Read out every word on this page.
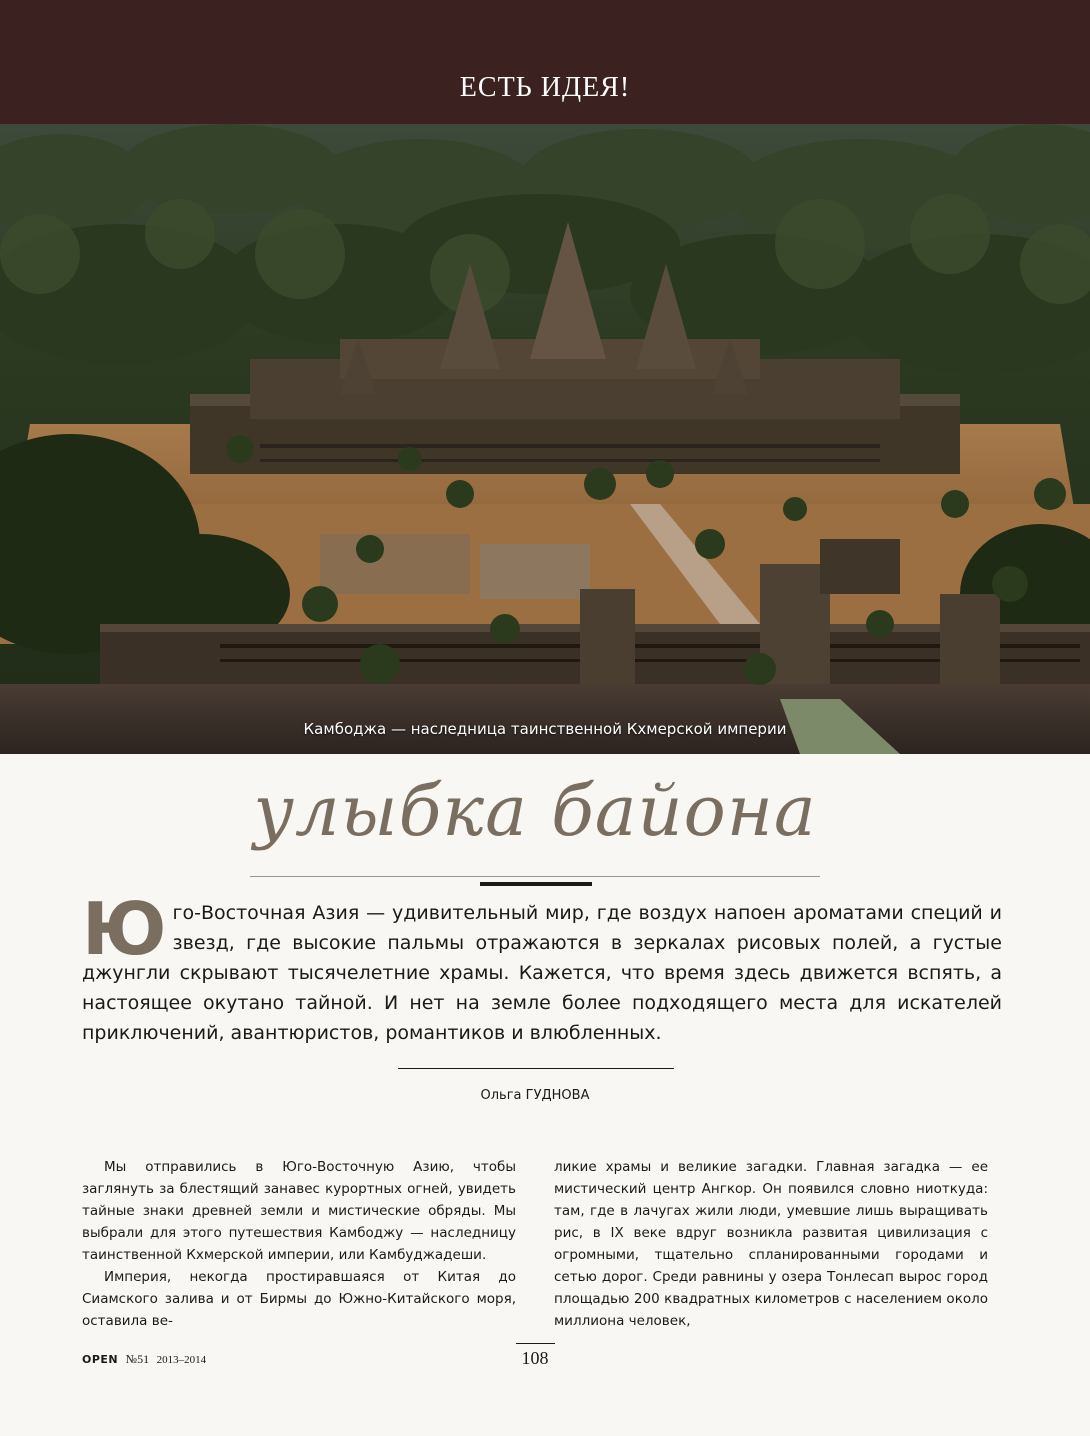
ЕСТЬ ИДЕЯ!
Камбоджа — наследница таинственной Кхмерской империи
улыбка байона

Юго-Восточная Азия — удивительный мир, где воздух напоен ароматами специй и звезд, где высокие пальмы отражаются в зеркалах рисовых полей, а густые джунгли скрывают тысячелетние храмы. Кажется, что время здесь движется вспять, а настоящее окутано тайной. И нет на земле более подходящего места для искателей приключений, авантюристов, романтиков и влюбленных.

Ольга ГУДНОВА

Мы отправились в Юго-Восточную Азию, чтобы заглянуть за блестящий занавес курортных огней, увидеть тайные знаки древней земли и мистические обряды. Мы выбрали для этого путешествия Камбоджу — наследницу таинственной Кхмерской империи, или Камбуджадеши.

Империя, некогда простиравшаяся от Китая до Сиамского залива и от Бирмы до Южно-Китайского моря, оставила ве-

ликие храмы и великие загадки. Главная загадка — ее мистический центр Ангкор. Он появился словно ниоткуда: там, где в лачугах жили люди, умевшие лишь выращивать рис, в IX веке вдруг возникла развитая цивилизация с огромными, тщательно спланированными городами и сетью дорог. Среди равнины у озера Тонлесап вырос город площадью 200 квадратных километров с населением около миллиона человек,

108
OPEN №51 2013–2014
